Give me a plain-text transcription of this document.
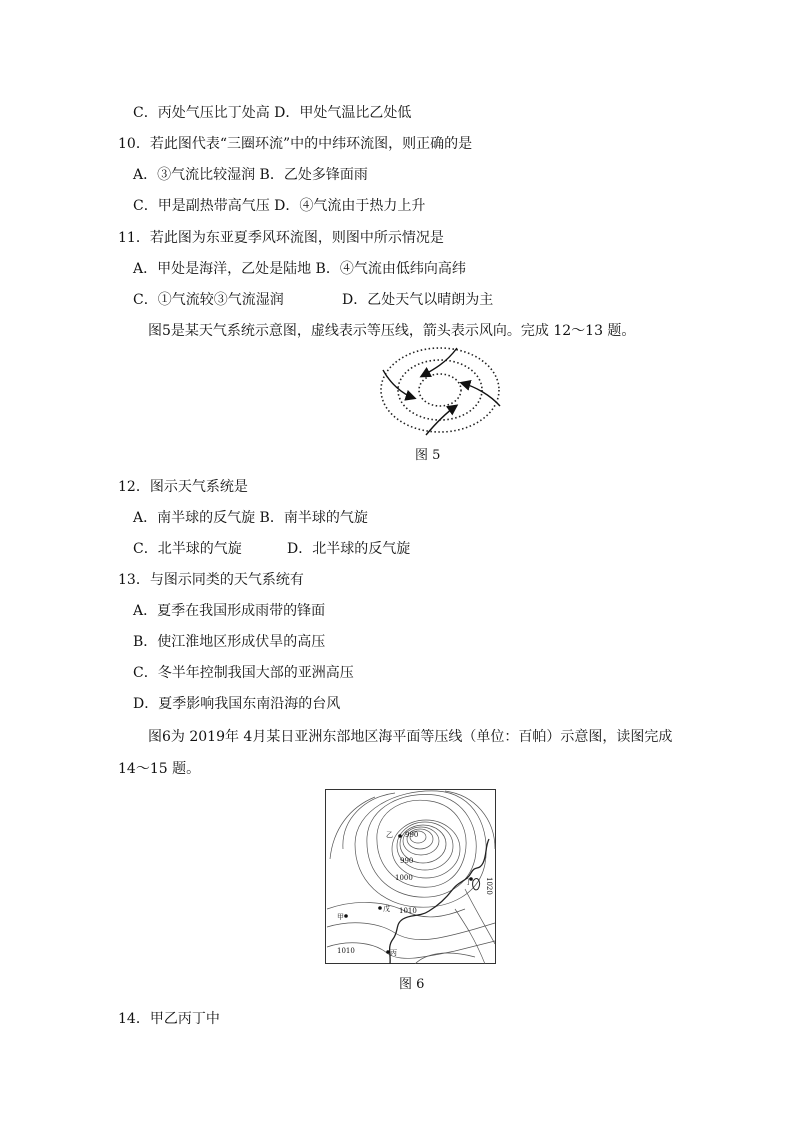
C．丙处气压比丁处高 D．甲处气温比乙处低
10．若此图代表“三圈环流”中的中纬环流图，则正确的是
A．③气流比较湿润 B．乙处多锋面雨
C．甲是副热带高气压 D．④气流由于热力上升
11．若此图为东亚夏季风环流图，则图中所示情况是
A．甲处是海洋，乙处是陆地 B．④气流由低纬向高纬
C．①气流较③气流湿润	D．乙处天气以晴朗为主
图5是某天气系统示意图，虚线表示等压线，箭头表示风向。完成 12～13 题。
图 5
12．图示天气系统是
A．南半球的反气旋 B．南半球的气旋
C．北半球的气旋	D．北半球的反气旋
13．与图示同类的天气系统有
A．夏季在我国形成雨带的锋面
B．使江淮地区形成伏旱的高压
C．冬半年控制我国大部的亚洲高压
D．夏季影响我国东南沿海的台风
图6为 2019年 4月某日亚洲东部地区海平面等压线（单位：百帕）示意图，读图完成
14～15 题。
乙 990
990
1000
戊 1010
甲
1010	丙
丁 1020
图 6
14．甲乙丙丁中
